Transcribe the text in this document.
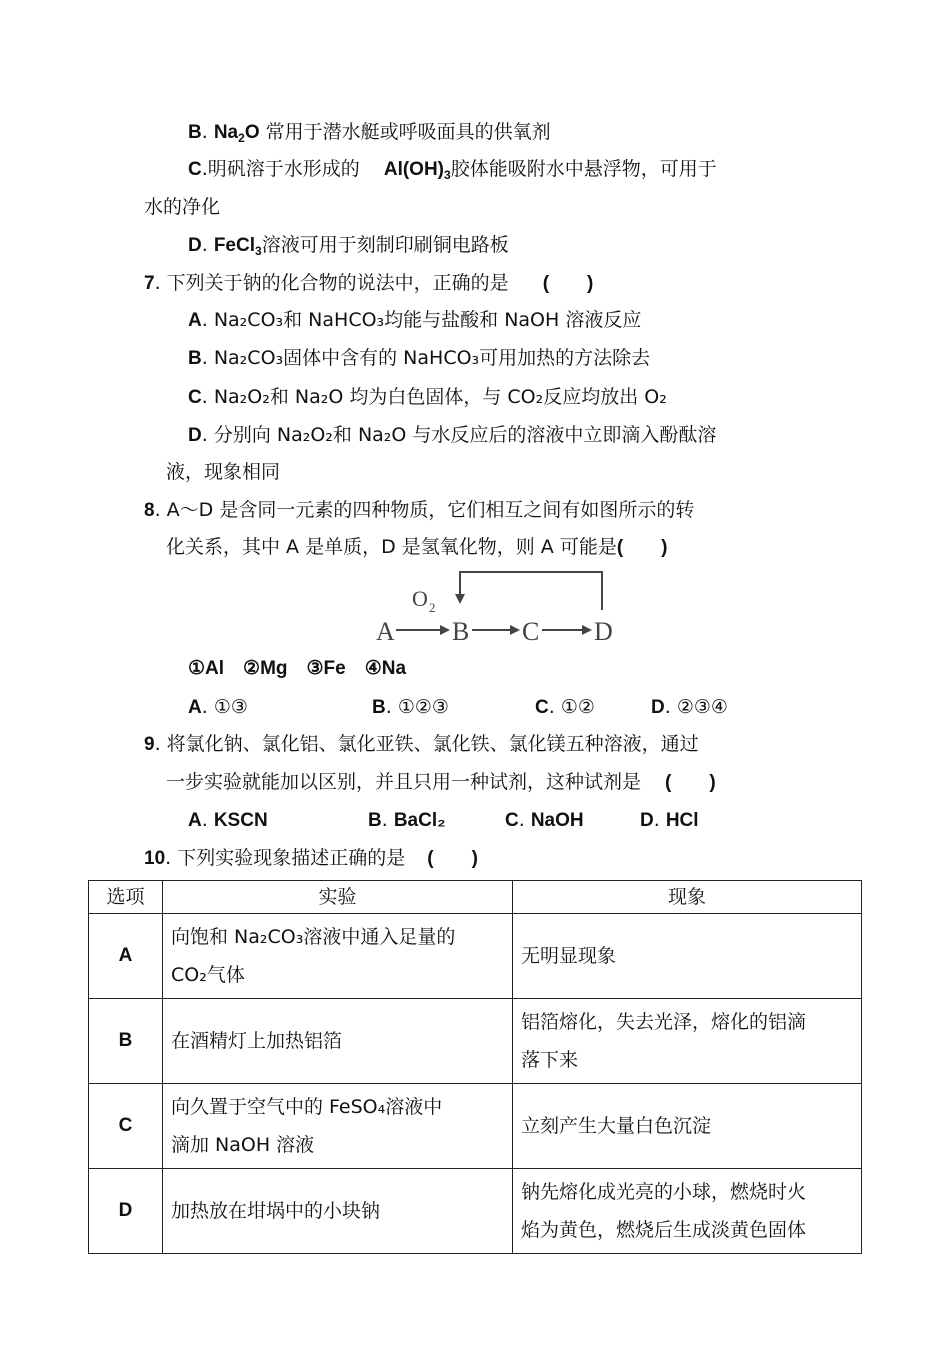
B. $Na_2O$ 常用于潜水艇或呼吸面具的供氧剂
C.明矾溶于水形成的 $Al(OH)_3$胶体能吸附水中悬浮物，可用于
水的净化
D. FeCl$_3$溶液可用于刻制印刷铜电路板
7. 下列关于钠的化合物的说法中，正确的是 (　　)
A. Na₂CO₃和 NaHCO₃均能与盐酸和 NaOH 溶液反应
B. Na₂CO₃固体中含有的 NaHCO₃可用加热的方法除去
C. Na₂O₂和 Na₂O 均为白色固体，与 CO₂反应均放出 O₂
D. 分别向 Na₂O₂和 Na₂O 与水反应后的溶液中立即滴入酚酞溶
液，现象相同
8. A～D 是含同一元素的四种物质，它们相互之间有如图所示的转
化关系，其中 A 是单质，D 是氢氧化物，则 A 可能是(　　)
A B C D
O 2
①Al　②Mg　③Fe　④Na
A. ①③	B. ①②③	C. ①②	D. ②③④
9. 将氯化钠、氯化铝、氯化亚铁、氯化铁、氯化镁五种溶液，通过
一步实验就能加以区别，并且只用一种试剂，这种试剂是 (　　)
A. KSCN	B. BaCl₂	C. NaOH	D. HCl
10. 下列实验现象描述正确的是 (　　)
选项	实验	现象
A	向饱和 Na₂CO₃溶液中通入足量的
CO₂气体	无明显现象

B	在酒精灯上加热铝箔	铝箔熔化，失去光泽，熔化的铝滴
落下来

C	向久置于空气中的 FeSO₄溶液中
滴加 NaOH 溶液	立刻产生大量白色沉淀

D	加热放在坩埚中的小块钠	钠先熔化成光亮的小球，燃烧时火
焰为黄色，燃烧后生成淡黄色固体
